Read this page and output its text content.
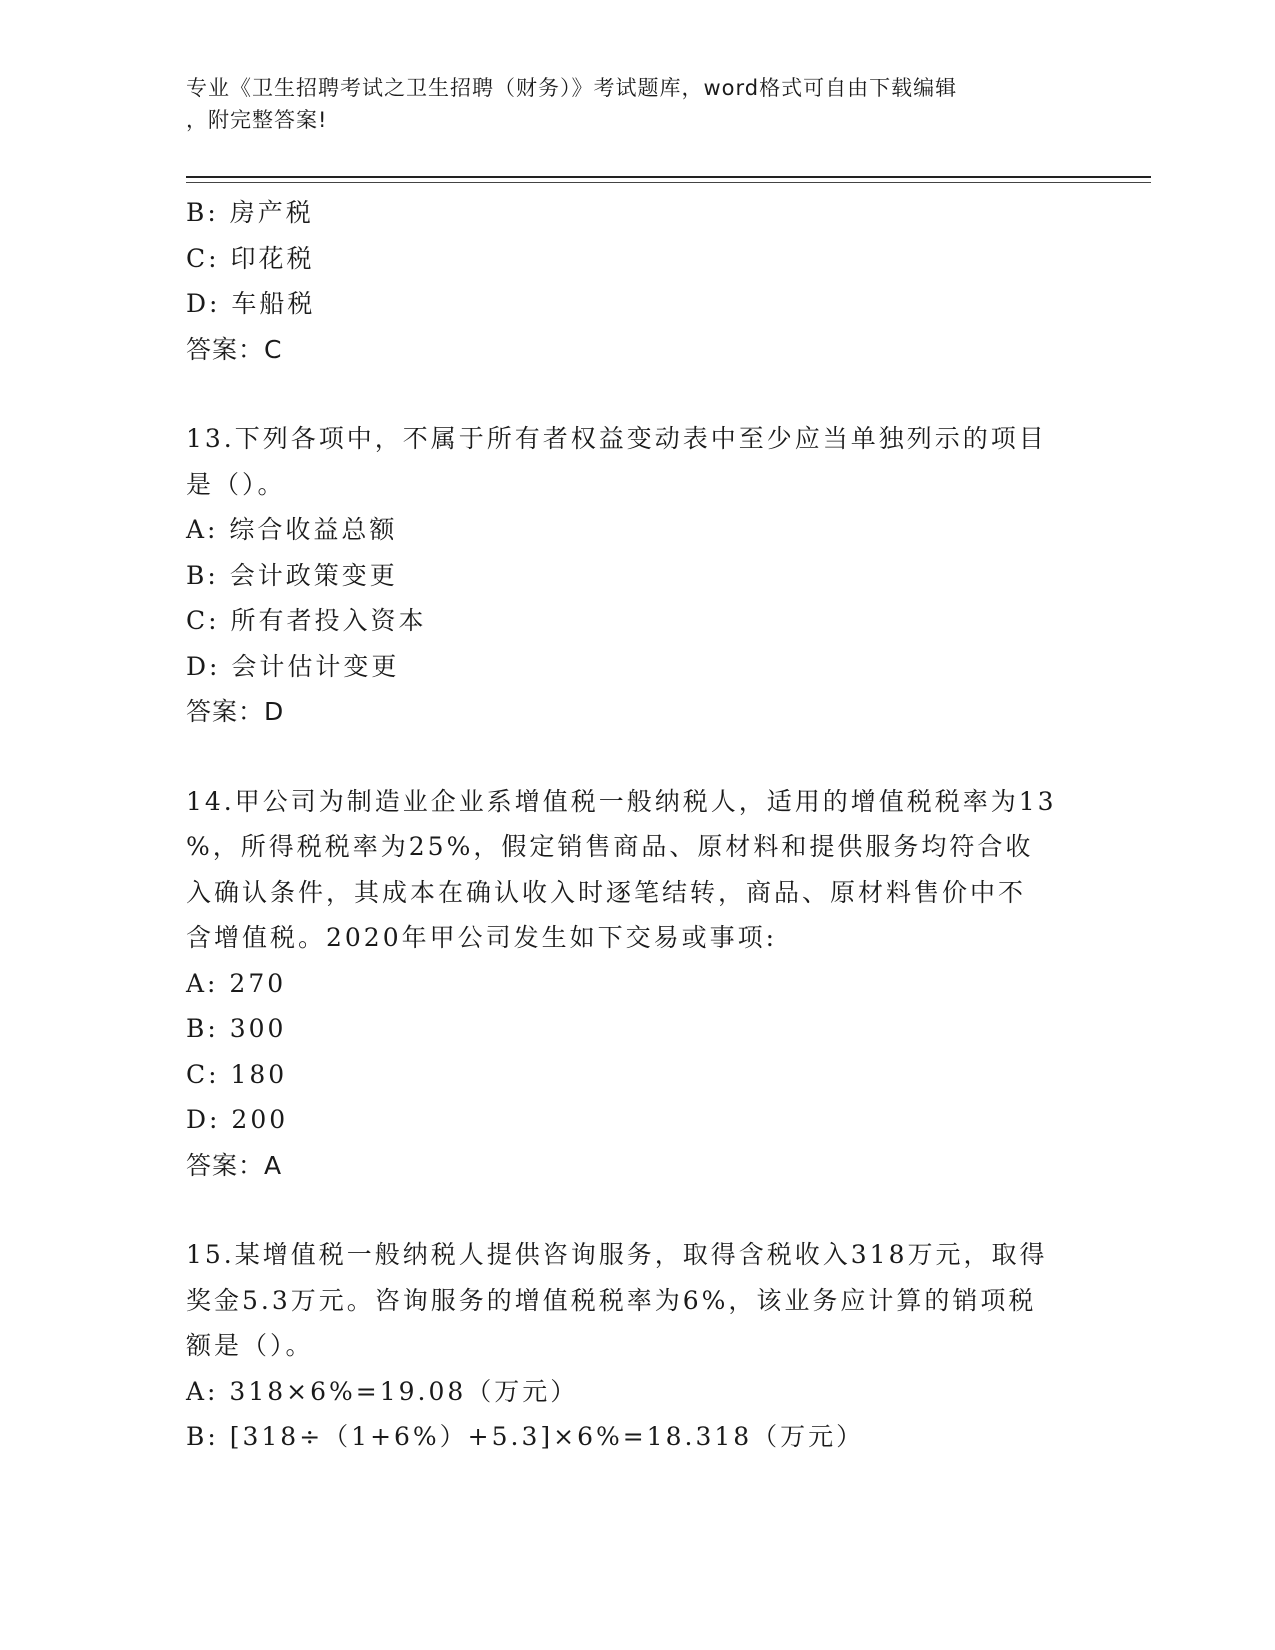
专业《卫生招聘考试之卫生招聘（财务）》考试题库，word格式可自由下载编辑
，附完整答案!
B: 房产税
C: 印花税
D: 车船税
答案：C
13.下列各项中，不属于所有者权益变动表中至少应当单独列示的项目
是（）。
A: 综合收益总额
B: 会计政策变更
C: 所有者投入资本
D: 会计估计变更
答案：D
14.甲公司为制造业企业系增值税一般纳税人，适用的增值税税率为13
%，所得税税率为25%，假定销售商品、原材料和提供服务均符合收
入确认条件，其成本在确认收入时逐笔结转，商品、原材料售价中不
含增值税。2020年甲公司发生如下交易或事项:
A: 270
B: 300
C: 180
D: 200
答案：A
15.某增值税一般纳税人提供咨询服务，取得含税收入318万元，取得
奖金5.3万元。咨询服务的增值税税率为6%，该业务应计算的销项税
额是（）。
A: 318×6%=19.08（万元）
B: [318÷（1+6%）+5.3]×6%=18.318（万元）
